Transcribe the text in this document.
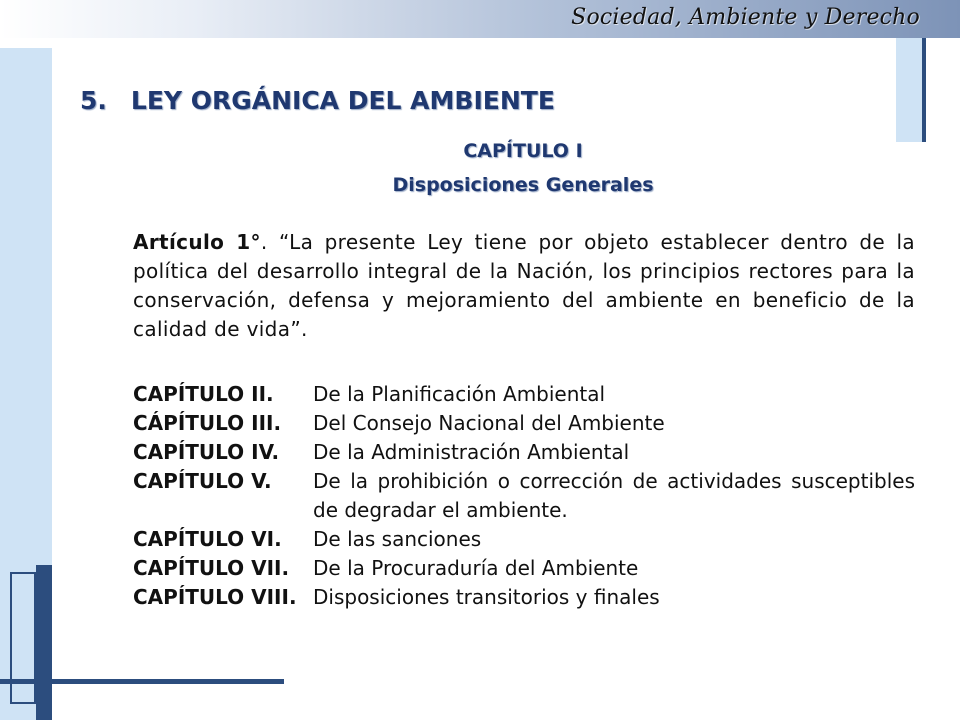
Sociedad, Ambiente y Derecho
5. LEY ORGÁNICA DEL AMBIENTE
CAPÍTULO I
Disposiciones Generales
Artículo 1°. “La presente Ley tiene por objeto establecer dentro de la política del desarrollo integral de la Nación, los principios rectores para la conservación, defensa y mejoramiento del ambiente en beneficio de la calidad de vida”.
CAPÍTULO II.	De la Planificación Ambiental
CÁPÍTULO III.	Del Consejo Nacional del Ambiente
CAPÍTULO IV.	De la Administración Ambiental
CAPÍTULO V.	De la prohibición o corrección de actividades susceptibles de degradar el ambiente.
CAPÍTULO VI.	De las sanciones
CAPÍTULO VII.	De la Procuraduría del Ambiente
CAPÍTULO VIII. Disposiciones transitorios y finales
